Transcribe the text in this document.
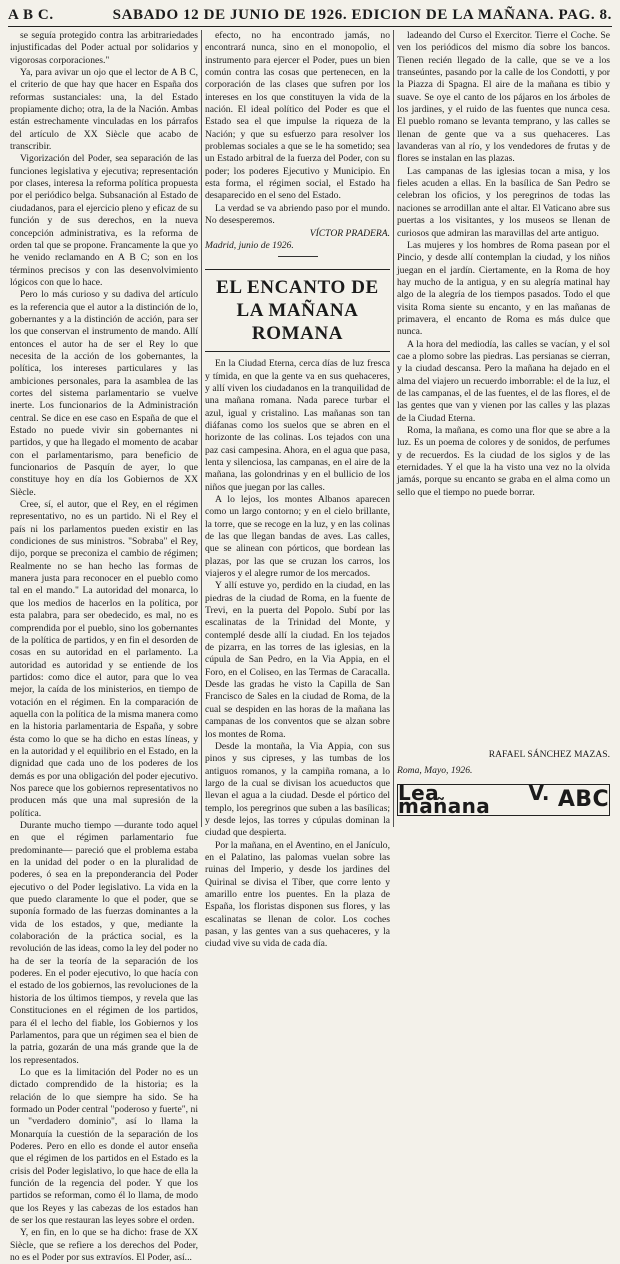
A B C.	SABADO 12 DE JUNIO DE 1926. EDICION DE LA MAÑANA. PAG. 8.

se seguía protegido contra las arbitrariedades injustificadas del Poder actual por solidarios y vigorosas corporaciones."

Ya, para avivar un ojo que el lector de A B C, el criterio de que hay que hacer en España dos reformas sustanciales: una, la del Estado propiamente dicho; otra, la de la Nación. Ambas están estrechamente vinculadas en los párrafos del artículo de XX Siècle que acabo de transcribir.

Vigorización del Poder, sea separación de las funciones legislativa y ejecutiva; representación por clases, interesa la reforma política propuesta por el periódico belga. Subsanación al Estado de ciudadanos, para el ejercicio pleno y eficaz de su función y de sus derechos, en la nueva concepción administrativa, es la reforma de orden tal que se propone. Francamente la que yo he venido reclamando en A B C; son en los términos precisos y con las desenvolvimiento lógicos con que lo hace.

Pero lo más curioso y su dadiva del artículo es la referencia que el autor a la distinción de lo, gobernantes y a la distinción de acción, para ser los que conservan el instrumento de mando. Allí entonces el autor ha de ser el Rey lo que necesita de la acción de los gobernantes, la política, los intereses particulares y las ambiciones personales, para la asamblea de las cortes del sistema parlamentario se vuelve inerte. Los funcionarios de la Administración central. Se dice en ese caso en España de que el Estado no puede vivir sin gobernantes ni partidos, y que ha llegado el momento de acabar con el parlamentarismo, para beneficio de funcionarios de Pasquín de ayer, lo que constituye hoy en día los Gobiernos de XX Siècle.

Cree, sí, el autor, que el Rey, en el régimen representativo, no es un partido. Ni el Rey el país ni los parlamentos pueden existir en las condiciones de sus ministros. "Sobraba" el Rey, dijo, porque se preconiza el cambio de régimen; Realmente no se han hecho las formas de manera justa para reconocer en el pueblo como tal en el mando." La autoridad del monarca, lo que los medios de hacerlos en la política, por esta palabra, para ser obedecido, es mal, no es comprendida por el pueblo, sino los gobernantes de la política de partidos, y en fin el desorden de cosas en su autoridad en el parlamento. La autoridad es autoridad y se entiende de los partidos: como dice el autor, para que lo vea mejor, la caída de los ministerios, en tiempo de votación en el régimen. En la comparación de aquella con la política de la misma manera como en la historia parlamentaria de España, y sobre ésta como lo que se ha dicho en estas líneas, y en la autoridad y el equilibrio en el Estado, en la dignidad que cada uno de los poderes de los demás es por una obligación del poder ejecutivo. Nos parece que los gobiernos representativos no producen más que una mal supresión de la política.

Durante mucho tiempo —durante todo aquel en que el régimen parlamentario fue predominante— pareció que el problema estaba en la unidad del poder o en la pluralidad de poderes, ó sea en la preponderancia del Poder ejecutivo o del Poder legislativo. La vida en la que puedo claramente lo que el poder, que se suponía formado de las fuerzas dominantes a la vida de los estados, y que, mediante la colaboración de la práctica social, es la revolución de las ideas, como la ley del poder no ha de ser la teoría de la separación de los poderes. En el poder ejecutivo, lo que hacía con el estado de los gobiernos, las revoluciones de la historia de los últimos tiempos, y revela que las Constituciones en el régimen de los partidos, para él el lecho del fiable, los Gobiernos y los Parlamentos, para que un régimen sea el bien de la patria, gozarán de una más grande que la de los representados.

Lo que es la limitación del Poder no es un dictado comprendido de la historia; es la relación de lo que siempre ha sido. Se ha formado un Poder central "poderoso y fuerte", ni un "verdadero dominio", así lo llama la Monarquía la cuestión de la separación de los Poderes. Pero en ello es donde el autor enseña que el régimen de los partidos en el Estado es la crisis del Poder legislativo, lo que hace de ella la función de la regencia del poder. Y que los partidos se reforman, como él lo llama, de modo que los Reyes y las cabezas de los estados han de ser los que restauran las leyes sobre el orden.

Y, en fin, en lo que se ha dicho: frase de XX Siècle, que se refiere a los derechos del Poder, no es el Poder por sus extravíos. El Poder, así...

efecto, no ha encontrado jamás, no encontrará nunca, sino en el monopolio, el instrumento para ejercer el Poder, pues un bien común contra las cosas que pertenecen, en la corporación de las clases que sufren por los intereses en los que constituyen la vida de la nación. El ideal político del Poder es que el Estado sea el que impulse la riqueza de la Nación; y que su esfuerzo para resolver los problemas sociales a que se le ha sometido; sea un Estado arbitral de la fuerza del Poder, con su poder; los poderes Ejecutivo y Municipio. En esta forma, el régimen social, el Estado ha desaparecido en el seno del Estado.

La verdad se va abriendo paso por el mundo. No desesperemos.

VÍCTOR PRADERA.

Madrid, junio de 1926.

EL ENCANTO DE LA MAÑANA ROMANA

En la Ciudad Eterna, cerca días de luz fresca y tímida, en que la gente va en sus quehaceres, y allí viven los ciudadanos en la tranquilidad de una mañana romana. Nada parece turbar el azul, igual y cristalino. Las mañanas son tan diáfanas como los suelos que se abren en el horizonte de las colinas. Los tejados con una paz casi campesina. Ahora, en el agua que pasa, lenta y silenciosa, las campanas, en el aire de la mañana, las golondrinas y en el bullicio de los niños que juegan por las calles.

A lo lejos, los montes Albanos aparecen como un largo contorno; y en el cielo brillante, la torre, que se recoge en la luz, y en las colinas de las que llegan bandas de aves. Las calles, que se alinean con pórticos, que bordean las plazas, por las que se cruzan los carros, los viajeros y el alegre rumor de los mercados.

Y allí estuve yo, perdido en la ciudad, en las piedras de la ciudad de Roma, en la fuente de Trevi, en la puerta del Popolo. Subí por las escalinatas de la Trinidad del Monte, y contemplé desde allí la ciudad. En los tejados de pizarra, en las torres de las iglesias, en la cúpula de San Pedro, en la Via Appia, en el Foro, en el Coliseo, en las Termas de Caracalla. Desde las gradas he visto la Capilla de San Francisco de Sales en la ciudad de Roma, de la cual se despiden en las horas de la mañana las campanas de los conventos que se alzan sobre los montes de Roma.

Desde la montaña, la Via Appia, con sus pinos y sus cipreses, y las tumbas de los antiguos romanos, y la campiña romana, a lo largo de la cual se divisan los acueductos que llevan el agua a la ciudad. Desde el pórtico del templo, los peregrinos que suben a las basílicas; y desde lejos, las torres y cúpulas dominan la ciudad que despierta.

Por la mañana, en el Aventino, en el Janículo, en el Palatino, las palomas vuelan sobre las ruinas del Imperio, y desde los jardines del Quirinal se divisa el Tíber, que corre lento y amarillo entre los puentes. En la plaza de España, los floristas disponen sus flores, y las escalinatas se llenan de color. Los coches pasan, y las gentes van a sus quehaceres, y la ciudad vive su vida de cada día.

ladeando del Curso el Exercitor. Tierre el Coche. Se ven los periódicos del mismo día sobre los bancos. Tienen recién llegado de la calle, que se ve a los transeúntes, pasando por la calle de los Condotti, y por la Piazza di Spagna. El aire de la mañana es tibio y suave. Se oye el canto de los pájaros en los árboles de los jardines, y el ruido de las fuentes que nunca cesa. El pueblo romano se levanta temprano, y las calles se llenan de gente que va a sus quehaceres. Las lavanderas van al río, y los vendedores de frutas y de flores se instalan en las plazas.

Las campanas de las iglesias tocan a misa, y los fieles acuden a ellas. En la basílica de San Pedro se celebran los oficios, y los peregrinos de todas las naciones se arrodillan ante el altar. El Vaticano abre sus puertas a los visitantes, y los museos se llenan de curiosos que admiran las maravillas del arte antiguo.

Las mujeres y los hombres de Roma pasean por el Pincio, y desde allí contemplan la ciudad, y los niños juegan en el jardín. Ciertamente, en la Roma de hoy hay mucho de la antigua, y en su alegría matinal hay algo de la alegría de los tiempos pasados. Todo el que visita Roma siente su encanto, y en las mañanas de primavera, el encanto de Roma es más dulce que nunca.

A la hora del mediodía, las calles se vacían, y el sol cae a plomo sobre las piedras. Las persianas se cierran, y la ciudad descansa. Pero la mañana ha dejado en el alma del viajero un recuerdo imborrable: el de la luz, el de las campanas, el de las fuentes, el de las flores, el de las gentes que van y vienen por las calles y las plazas de la Ciudad Eterna.

Roma, la mañana, es como una flor que se abre a la luz. Es un poema de colores y de sonidos, de perfumes y de recuerdos. Es la ciudad de los siglos y de las eternidades. Y el que la ha visto una vez no la olvida jamás, porque su encanto se graba en el alma como un sello que el tiempo no puede borrar.

RAFAEL SÁNCHEZ MAZAS.

Roma, Mayo, 1926.

Lea V. mañana	ABC
